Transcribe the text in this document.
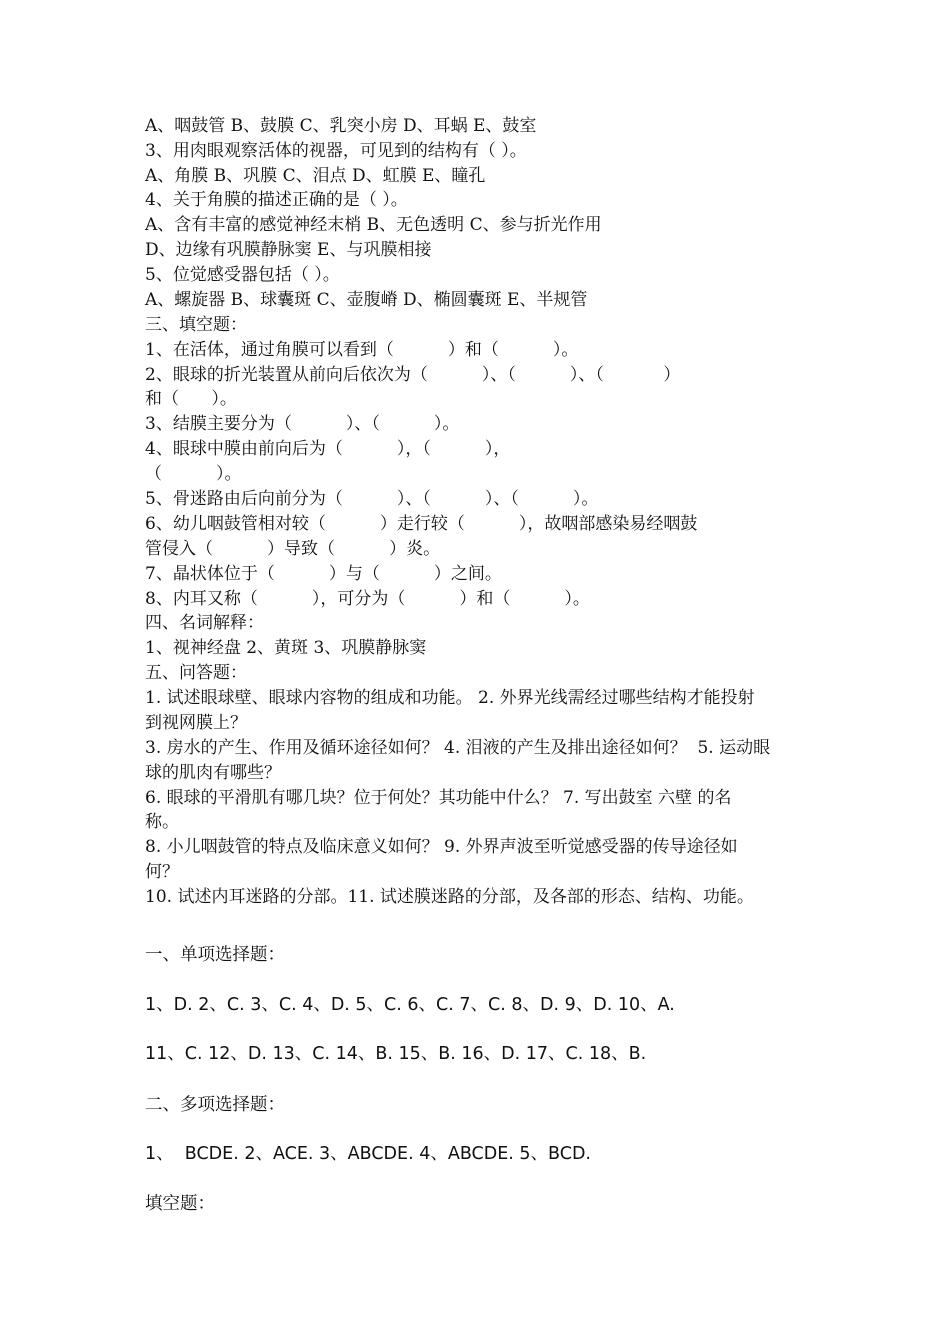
A、咽鼓管 B、鼓膜 C、乳突小房 D、耳蜗 E、鼓室
3、用肉眼观察活体的视器，可见到的结构有（ ）。
A、角膜 B、巩膜 C、泪点 D、虹膜 E、瞳孔
4、关于角膜的描述正确的是（ ）。
A、含有丰富的感觉神经末梢 B、无色透明 C、参与折光作用
D、边缘有巩膜静脉窦 E、与巩膜相接
5、位觉感受器包括（ ）。
A、螺旋器 B、球囊斑 C、壶腹嵴 D、椭圆囊斑 E、半规管
三、填空题：
1、在活体，通过角膜可以看到（          ）和（          ）。
2、眼球的折光装置从前向后依次为（          ）、（          ）、（           ）
和（      ）。
3、结膜主要分为（          ）、（          ）。
4、眼球中膜由前向后为（          ），（          ），
（          ）。
5、骨迷路由后向前分为（          ）、（          ）、（          ）。
6、幼儿咽鼓管相对较（          ）走行较（          ），故咽部感染易经咽鼓
管侵入（          ）导致（          ）炎。
7、晶状体位于（          ）与（          ）之间。
8、内耳又称（          ），可分为（          ）和（          ）。
四、名词解释：
1、视神经盘 2、黄斑 3、巩膜静脉窦
五、问答题：
1. 试述眼球壁、眼球内容物的组成和功能。 2. 外界光线需经过哪些结构才能投射
到视网膜上？
3. 房水的产生、作用及循环途径如何？ 4. 泪液的产生及排出途径如何？  5. 运动眼
球的肌肉有哪些？
6. 眼球的平滑肌有哪几块？位于何处？其功能中什么？ 7. 写出鼓室 六壁 的名
称。
8. 小儿咽鼓管的特点及临床意义如何？ 9. 外界声波至听觉感受器的传导途径如
何？
10. 试述内耳迷路的分部。11. 试述膜迷路的分部，及各部的形态、结构、功能。
一、单项选择题：
1、D. 2、C. 3、C. 4、D. 5、C. 6、C. 7、C. 8、D. 9、D. 10、A.
11、C. 12、D. 13、C. 14、B. 15、B. 16、D. 17、C. 18、B.
二、多项选择题：
1、  BCDE. 2、ACE. 3、ABCDE. 4、ABCDE. 5、BCD.
填空题：
